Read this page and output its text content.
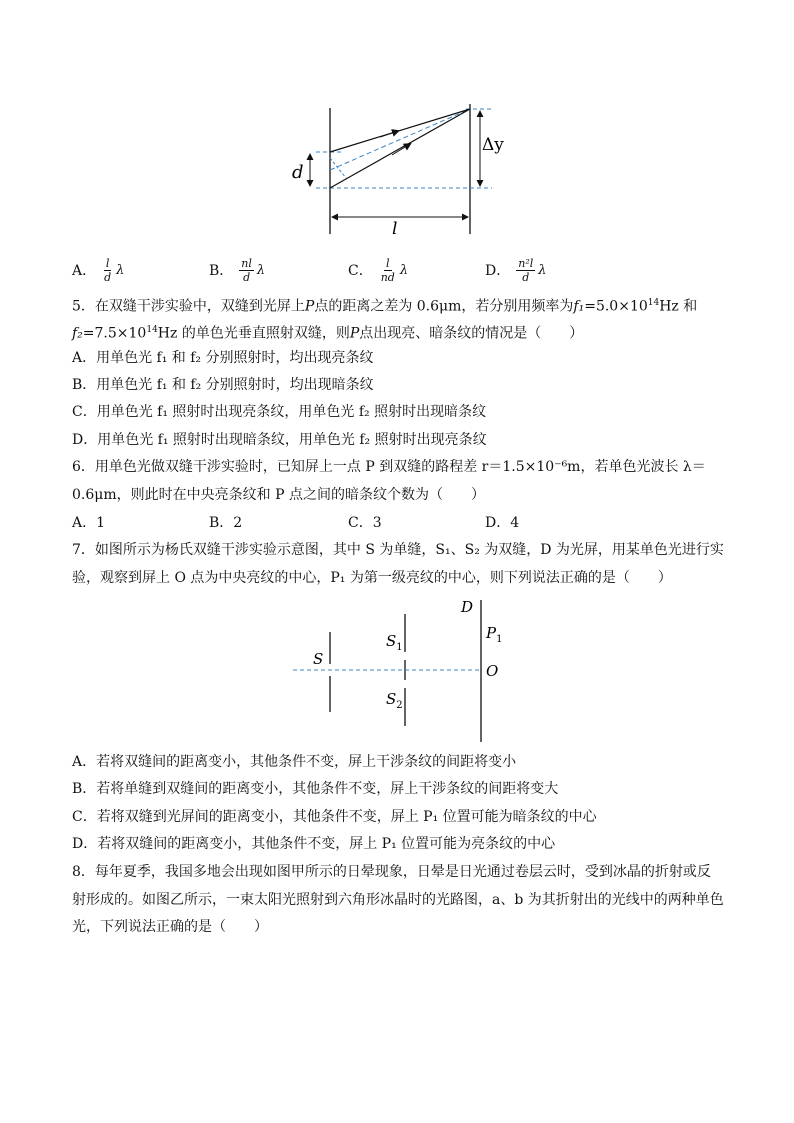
d
Δy
l
A． $\frac{l}{d}$ λ	B． $\frac{nl}{d}$ λ	C． $\frac{l}{nd}$ λ	D． $\frac{\text{n²l}}{d}$ λ
5．在双缝干涉实验中，双缝到光屏上P点的距离之差为 0.6μm，若分别用频率为$f_1=5.0\times 10^{14}Hz$ 和
$f_2=7.5\times 10^{14}Hz$ 的单色光垂直照射双缝，则P点出现亮、暗条纹的情况是（　　）
A．用单色光 f₁ 和 f₂ 分别照射时，均出现亮条纹
B．用单色光 f₁ 和 f₂ 分别照射时，均出现暗条纹
C．用单色光 f₁ 照射时出现亮条纹，用单色光 f₂ 照射时出现暗条纹
D．用单色光 f₁ 照射时出现暗条纹，用单色光 f₂ 照射时出现亮条纹
6．用单色光做双缝干涉实验时，已知屏上一点 P 到双缝的路程差 r＝1.5×10⁻⁶m，若单色光波长 λ＝
0.6μm，则此时在中央亮条纹和 P 点之间的暗条纹个数为（　　）
A．1	B．2	C．3	D．4
7．如图所示为杨氏双缝干涉实验示意图，其中 S 为单缝，S₁、S₂ 为双缝，D 为光屏，用某单色光进行实
验，观察到屏上 O 点为中央亮纹的中心，P₁ 为第一级亮纹的中心，则下列说法正确的是（　　）
D
$P_1$
S
$S_1$
$S_2$
O
A．若将双缝间的距离变小，其他条件不变，屏上干涉条纹的间距将变小
B．若将单缝到双缝间的距离变小，其他条件不变，屏上干涉条纹的间距将变大
C．若将双缝到光屏间的距离变小，其他条件不变，屏上 P₁ 位置可能为暗条纹的中心
D．若将双缝间的距离变小，其他条件不变，屏上 P₁ 位置可能为亮条纹的中心
8．每年夏季，我国多地会出现如图甲所示的日晕现象，日晕是日光通过卷层云时，受到冰晶的折射或反
射形成的。如图乙所示，一束太阳光照射到六角形冰晶时的光路图，a、b 为其折射出的光线中的两种单色
光，下列说法正确的是（　　）
